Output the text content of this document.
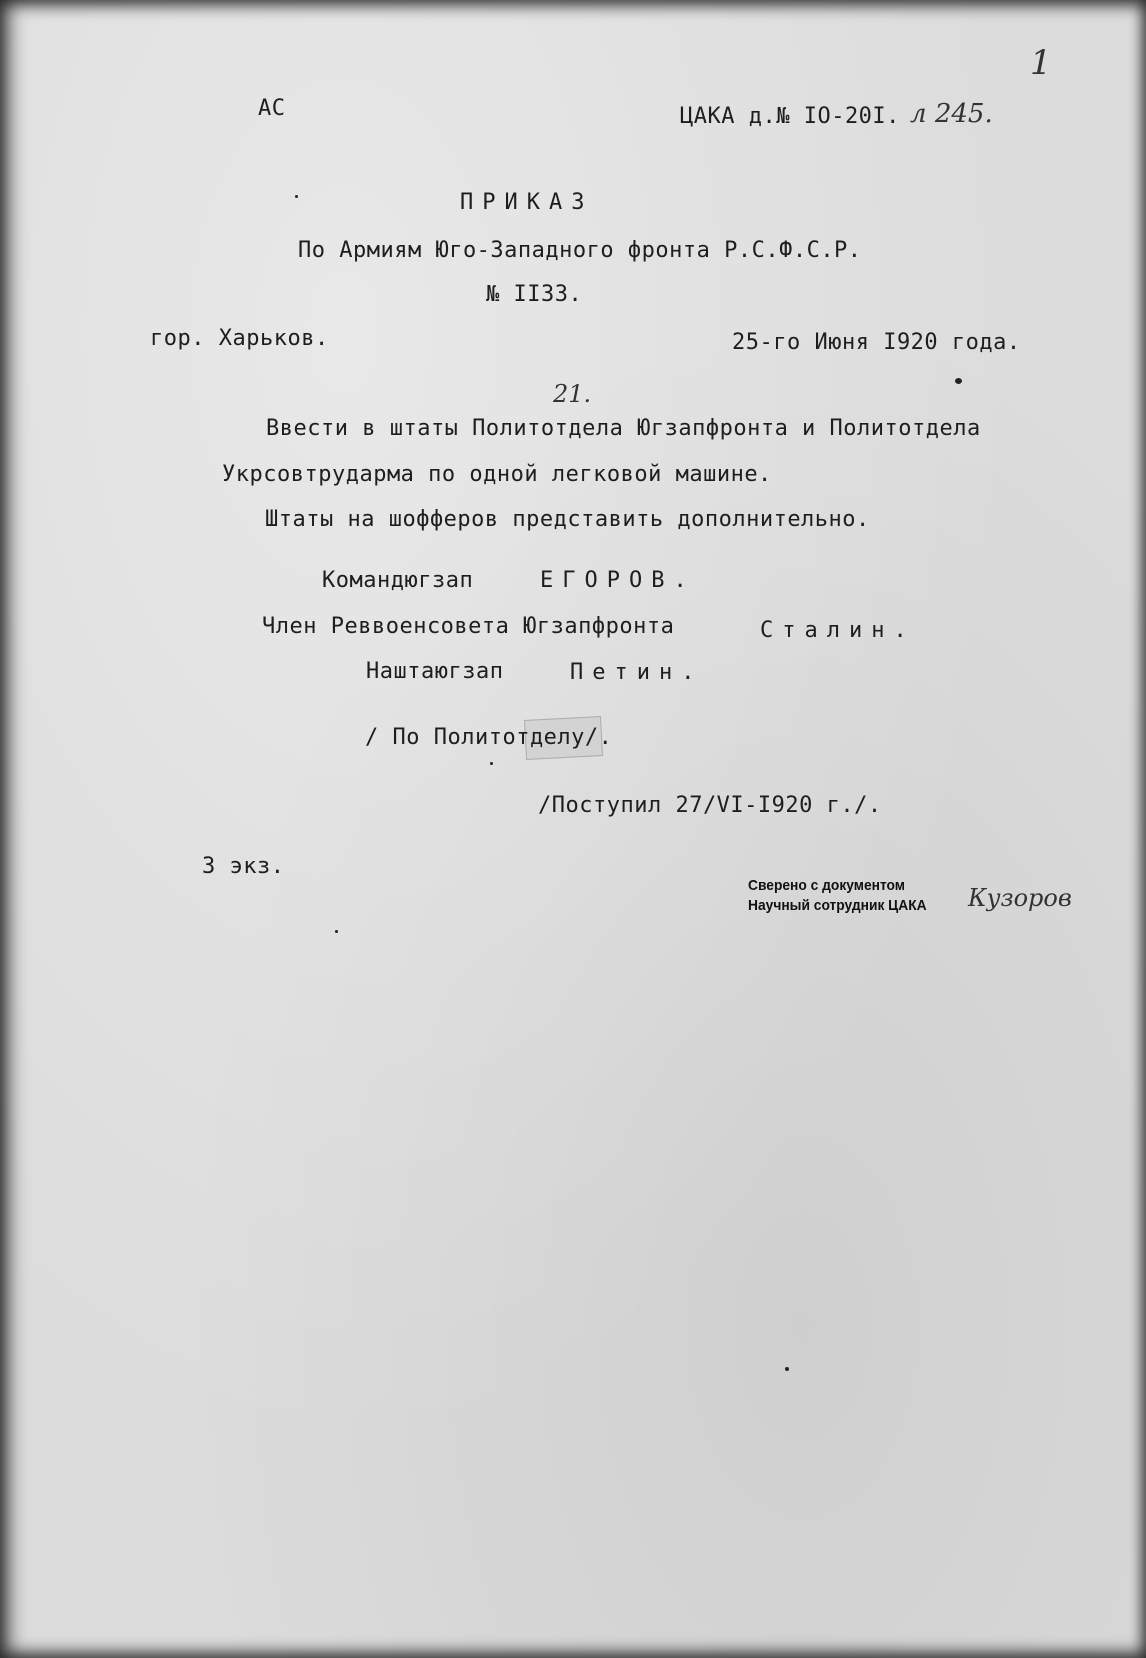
АС	ЦАКА д.№ IO-20I. л 245.
1
ПРИКАЗ
По Армиям Юго-Западного фронта Р.С.Ф.С.Р.
№ II33.
гор. Харьков.	25-го Июня I920 года.
21.
Ввести в штаты Политотдела Югзапфронта и Политотдела
Укрсовтрударма по одной легковой машине.
Штаты на шофферов представить дополнительно.
Командюгзап	ЕГОРОВ.
Член Реввоенсовета Югзапфронта	Сталин.
Наштаюгзап	Петин.
/ По Политотделу/.
/Поступил 27/VI-I920 г./.
3 экз.
Сверено с документом
Научный сотрудник ЦАКА Кузоров
